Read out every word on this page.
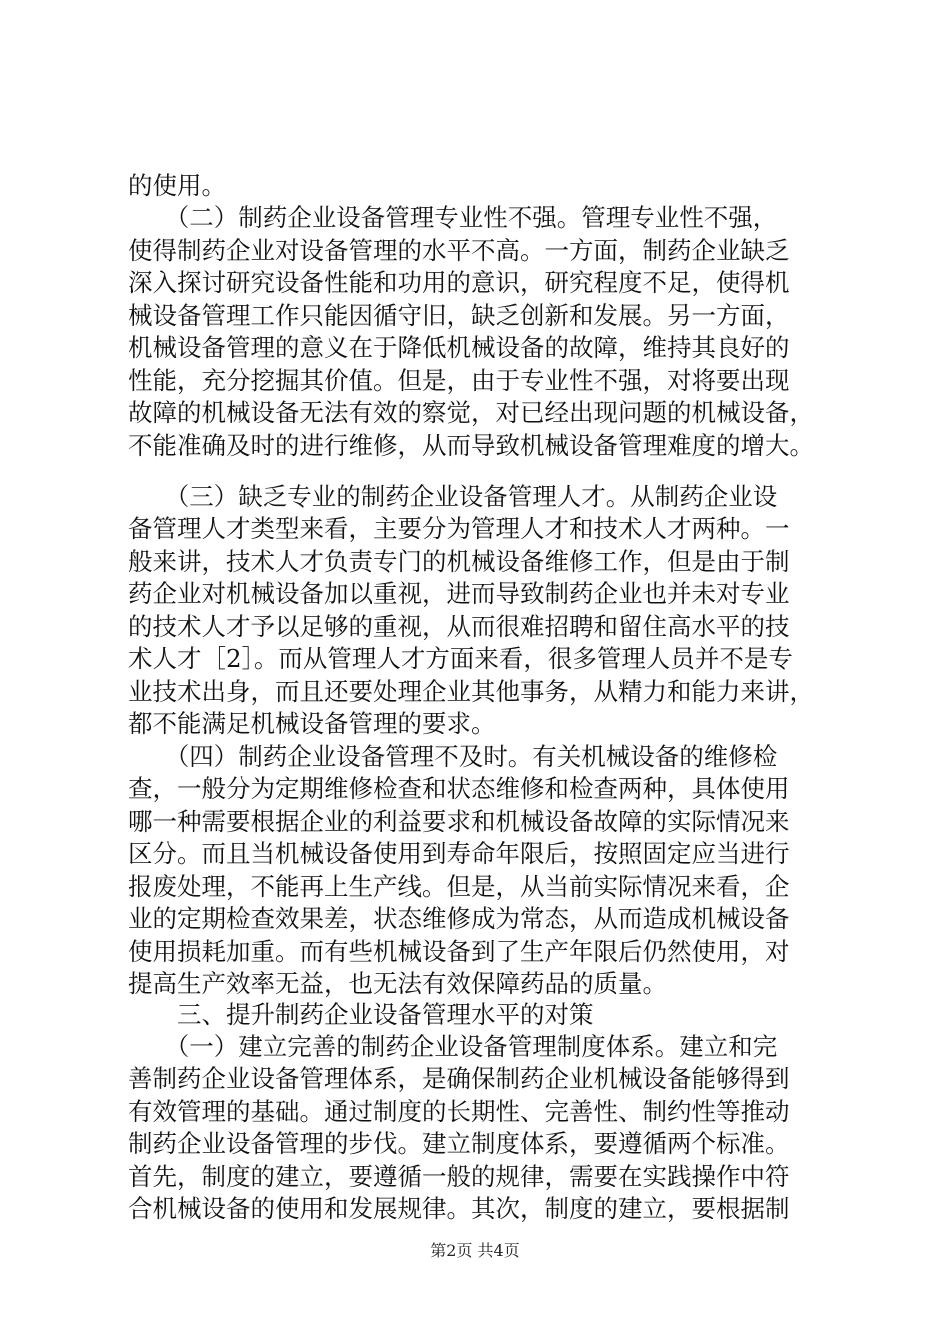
的使用。
　　（二）制药企业设备管理专业性不强。管理专业性不强，
使得制药企业对设备管理的水平不高。一方面，制药企业缺乏
深入探讨研究设备性能和功用的意识，研究程度不足，使得机
械设备管理工作只能因循守旧，缺乏创新和发展。另一方面，
机械设备管理的意义在于降低机械设备的故障，维持其良好的
性能，充分挖掘其价值。但是，由于专业性不强，对将要出现
故障的机械设备无法有效的察觉，对已经出现问题的机械设备，
不能准确及时的进行维修，从而导致机械设备管理难度的增大。
　　（三）缺乏专业的制药企业设备管理人才。从制药企业设
备管理人才类型来看，主要分为管理人才和技术人才两种。一
般来讲，技术人才负责专门的机械设备维修工作，但是由于制
药企业对机械设备加以重视，进而导致制药企业也并未对专业
的技术人才予以足够的重视，从而很难招聘和留住高水平的技
术人才［2］。而从管理人才方面来看，很多管理人员并不是专
业技术出身，而且还要处理企业其他事务，从精力和能力来讲，
都不能满足机械设备管理的要求。
　　（四）制药企业设备管理不及时。有关机械设备的维修检
查，一般分为定期维修检查和状态维修和检查两种，具体使用
哪一种需要根据企业的利益要求和机械设备故障的实际情况来
区分。而且当机械设备使用到寿命年限后，按照固定应当进行
报废处理，不能再上生产线。但是，从当前实际情况来看，企
业的定期检查效果差，状态维修成为常态，从而造成机械设备
使用损耗加重。而有些机械设备到了生产年限后仍然使用，对
提高生产效率无益，也无法有效保障药品的质量。
　　三、提升制药企业设备管理水平的对策
　　（一）建立完善的制药企业设备管理制度体系。建立和完
善制药企业设备管理体系，是确保制药企业机械设备能够得到
有效管理的基础。通过制度的长期性、完善性、制约性等推动
制药企业设备管理的步伐。建立制度体系，要遵循两个标准。
首先，制度的建立，要遵循一般的规律，需要在实践操作中符
合机械设备的使用和发展规律。其次，制度的建立，要根据制
第2页 共4页
